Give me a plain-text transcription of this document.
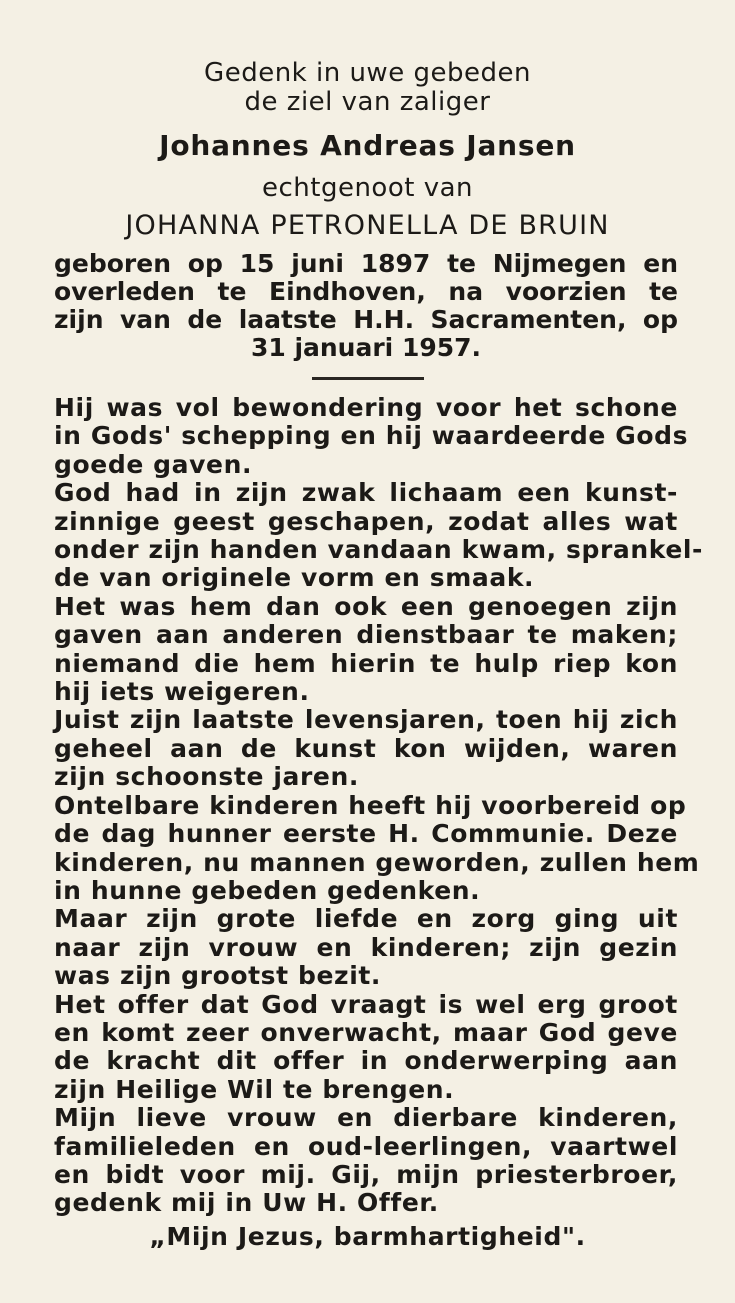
Gedenk in uwe gebeden
de ziel van zaliger
Johannes Andreas Jansen
echtgenoot van
JOHANNA PETRONELLA DE BRUIN
geboren op 15 juni 1897 te Nijmegen en
overleden te Eindhoven, na voorzien te
zijn van de laatste H.H. Sacramenten, op
31 januari 1957.
Hij was vol bewondering voor het schone
in Gods' schepping en hij waardeerde Gods
goede gaven.
God had in zijn zwak lichaam een kunst-
zinnige geest geschapen, zodat alles wat
onder zijn handen vandaan kwam, sprankel-
de van originele vorm en smaak.
Het was hem dan ook een genoegen zijn
gaven aan anderen dienstbaar te maken;
niemand die hem hierin te hulp riep kon
hij iets weigeren.
Juist zijn laatste levensjaren, toen hij zich
geheel aan de kunst kon wijden, waren
zijn schoonste jaren.
Ontelbare kinderen heeft hij voorbereid op
de dag hunner eerste H. Communie. Deze
kinderen, nu mannen geworden, zullen hem
in hunne gebeden gedenken.
Maar zijn grote liefde en zorg ging uit
naar zijn vrouw en kinderen; zijn gezin
was zijn grootst bezit.
Het offer dat God vraagt is wel erg groot
en komt zeer onverwacht, maar God geve
de kracht dit offer in onderwerping aan
zijn Heilige Wil te brengen.
Mijn lieve vrouw en dierbare kinderen,
familieleden en oud-leerlingen, vaartwel
en bidt voor mij. Gij, mijn priesterbroer,
gedenk mij in Uw H. Offer.
„Mijn Jezus, barmhartigheid".
